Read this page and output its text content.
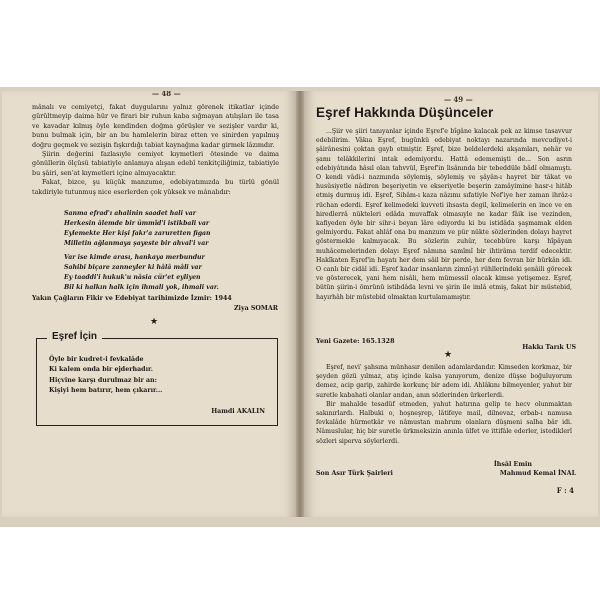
— 48 —

mânalı ve cemiyetçi, fakat duygularını yalnız görenek itikatlar içinde gürültmeyip daima hür ve firari bir ruhun kaba sığmayan atılışları ile tasa ve kavadar kılmış öyle kendinden doğma görüşler ve sezişler vardır ki, bunu bulmak için, bir an bu hamlelerin biraz etten ve sinirden yapılmış doğru geçmek ve sezişin fışkırdığı tabiat kaynağına kadar girmek lâzımdır.

Şiirin değerini fazlasıyle cemiyet kıymetleri ötesinde ve daima gönüllerin ölçüsü tabiatiyle anlamıya alışan edebî tenkitçiliğimiz, tabiatiyle bu şâiri, sen'at kıymetleri içine almıyacaktır.

Fakat, bizce, şu küçük manzume, edebiyatımızda bu türlü gönül takdiriyle tutunmuş nice eserlerden çok yüksek ve mânalıdır:

Sanma efrad'ı ahalinin saadet hali var
Herkesin âlemde bir ümmîd'i istikbali var
Eylemekte Her kişi fakr'a zaruretten figan
Milletin ağlanmaya şayeste bir ahval'i var
Var ise kimde arası, hankaya merbundur
Sahibi biçare zanneyler ki hâlâ mâli var
Ey taaddi'i hukuk'u nâsia cür'et eyliyen
Bil ki halkın halk için ihmali yok, ihmali var.
Yakın Çağların Fikir ve Edebiyat tarihimizde İzmir: 1944
Ziya SOMAR
★
Eşref İçin
Öyle bir kudret-i fevkalâde
Ki kalem onda bir ejderhadır.
Hiçvine karşı durulmaz bir an:
Kişiyi hem batırır, hem çıkarır...
Hamdi AKALIN
— 49 —
Eşref Hakkında Düşünceler

...Şiir ve şiiri tanıyanlar içinde Eşref'e bîgâne kalacak pek az kimse tasavvur edebilirim. Vâkıa Eşref, bugünkü edebiyat noktayı nazarında mevcudiyet-i şâirânesini çoktan gayb etmiştir. Eşref, bize beldelerdeki akşamları, nehâr ve şamı telâkkilerini intak edemiyordu. Hattâ edememişti de... Son asrın edebiyâtında hâsıl olan tahvvül, Eşref'in lisânında bir tebeddüle bâdî olmamıştı. O kendi vâdi-i nazmında söylemiş, söylemiş ve şâyân-ı hayret bir tâkat ve husûsiyetle nâdiren beşeriyetin ve ekseriyetle beşerin zamâyimine hasr-ı hitâb etmiş durmuş idi. Eşref, Sihâm-ı kaza nâzımı sıfatiyle Nef'iye her zaman ihrâz-ı rüchan ederdi. Eşref kelimedeki kuvveti ihsasta degil, kelimelerin en ince ve en hiredlerrâ nükteleri edâda muvaffak olmasıyle ne kadar fâik ise vezinden, kafiyeden öyle bir sihr-i beyan îâre ediyordu ki bu istidâda şaşmamak elden gelmiyordu. Fakat ahlâf ona bu manzum ve pür nükte sözlerinden dolayı hayret göstermekle kalmıyacak. Bu sözlerin zuhûr, tecebbüre karşı hîpâyan muhâcemelerinden dolayı Eşref nâmına samîmî bir ihtirâma terdif edecektir. Hakîkaten Eşref'in hayatı her dem sâil bir perde, her dem fevran bir bürkân idi. O canlı bir cidâl idi. Eşref kadar insanların zimnî-yi rühllerindeki şenâili görecek ve gösterecek, yani hem nisâli, hem mümessil olacak kimse yetişemez. Eşref, bütün şiirin-i ömrünü istibdâda levni ve şirin ile imlâ etmiş, fakat bir müstebid, hayırhâh bir müstebid olmaktan kurtulamamıştır.

Yeni Gazete: 165.1328
Hakkı Tarık US
★

Eşref, nevi' şahsına münhasır denilen adamlardandır. Kimseden korkmaz, bir şeyden gözü yılmaz, atış içinde kalsa yanıyorum, denize düşse boğuluyorum demez, acip garip, zahirde korkunç bir adem idi. Ahlâkını bilmeyenler, yahut bir suretle kabahati olanlar andan, anın sözlerinden ürkerlerdi.

Bir mahalde tesadüf etmeden, yahut hatırına gelip te hecv olunmaktan sakınırlardı. Halbuki o, hoşneşrep, lâtifeye mail, dilnevaz, erbab-ı namusa fevkalâde hürmetkâr ve nâmustan mahrum olanlara düşmeni salha bâr idi. Nâmuslular, hiç bir suretle ürkmeksizin anınla ülfet ve ittifâle ederler, istediklerî sözleri siperva söylerlerdi.

İhsâl Emin
Son Asır Türk Şairleri	Mahmud Kemal İNAL
F : 4
